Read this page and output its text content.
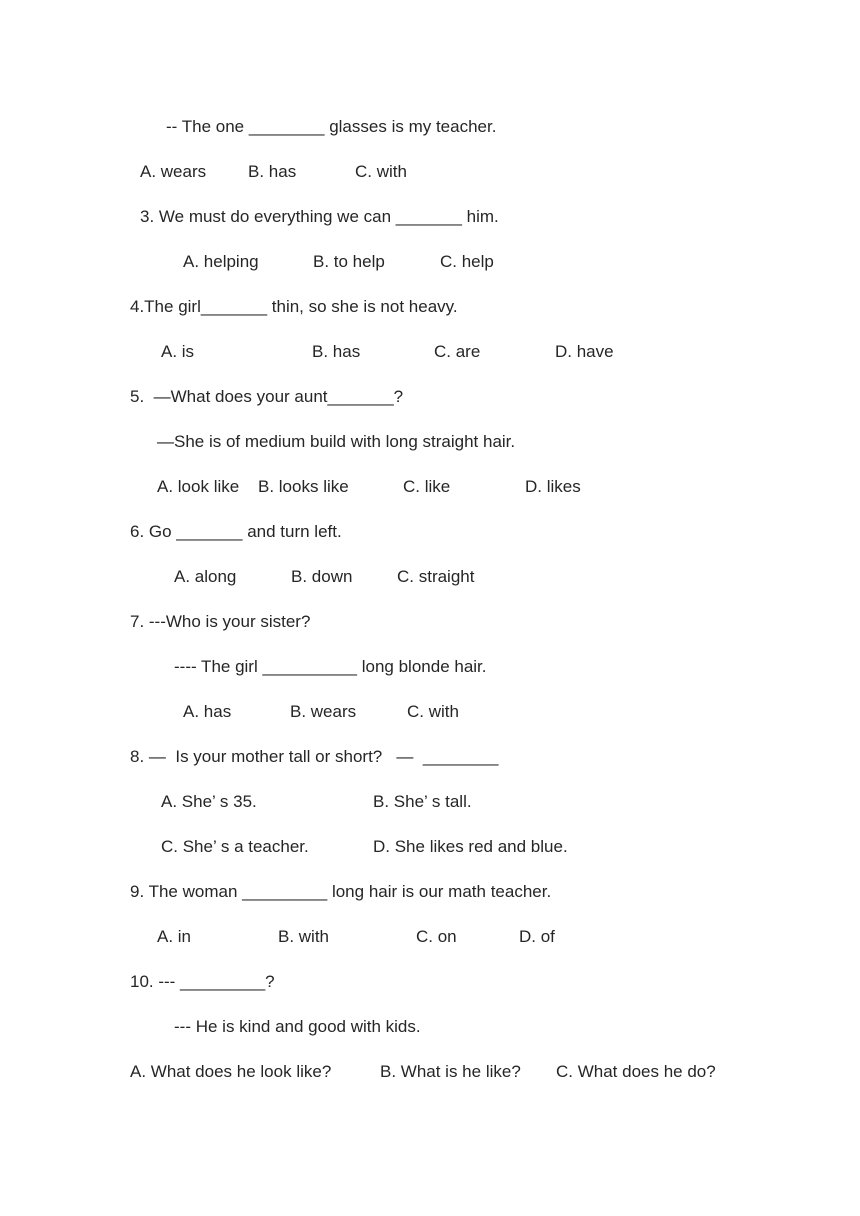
-- The one ________ glasses is my teacher.
A. wears B. has	C. with
3. We must do everything we can _______ him.
A. helping	B. to help	C. help
4.The girl_______ thin, so she is not heavy.
A. is	B. has	C. are	D. have
5.  —What does your aunt_______?
—She is of medium build with long straight hair.
A. look like B. looks like	C. like	D. likes
6. Go _______ and turn left.
A. along	B. down	C. straight
7. ---Who is your sister?
---- The girl __________ long blonde hair.
A. has	B. wears	C. with
8. —  Is your mother tall or short?   —  ________
A. She’ s 35.	B. She’ s tall.
C. She’ s a teacher.	D. She likes red and blue.
9. The woman _________ long hair is our math teacher.
A. in	B. with	C. on	D. of
10. --- _________?
--- He is kind and good with kids.
A. What does he look like?	B. What is he like? C. What does he do?
